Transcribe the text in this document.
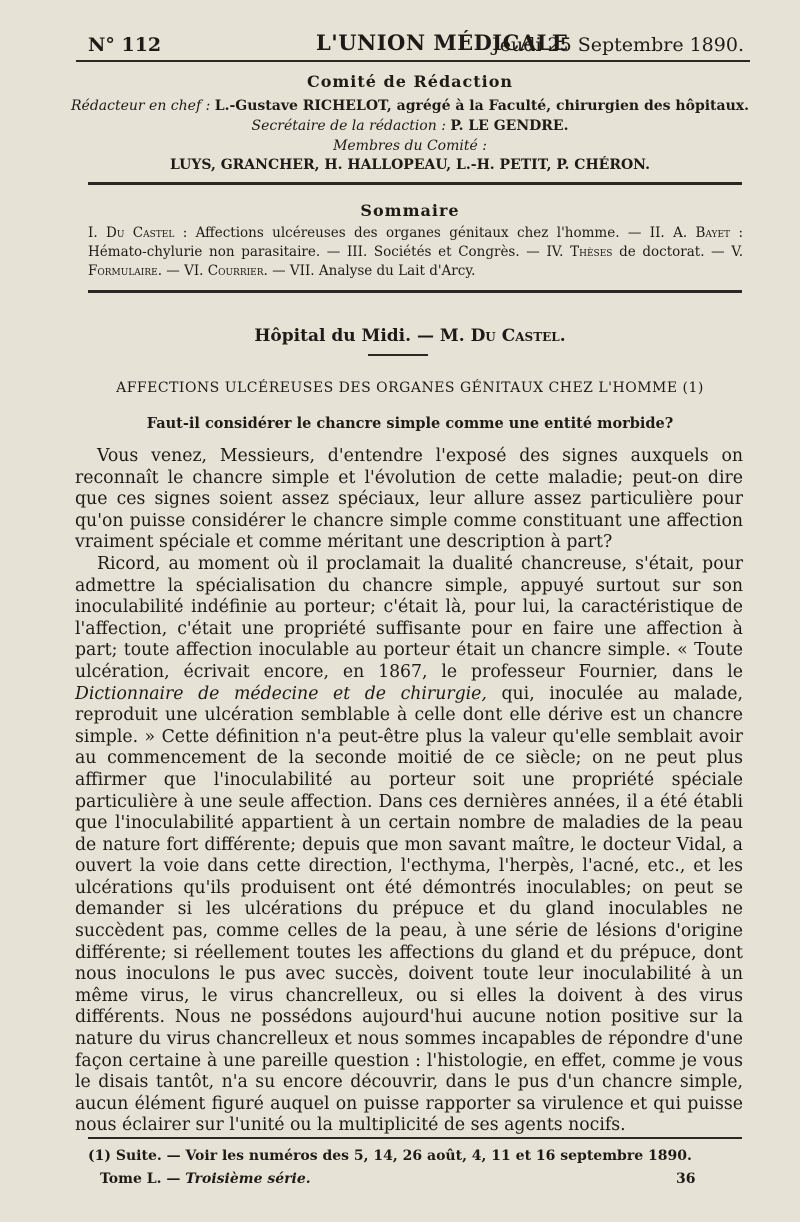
N° 112	L'UNION MÉDICALE
Jeudi 25 Septembre 1890.
Comité de Rédaction
Rédacteur en chef : L.-Gustave RICHELOT, agrégé à la Faculté, chirurgien des hôpitaux.
Secrétaire de la rédaction : P. LE GENDRE.
Membres du Comité :
LUYS, GRANCHER, H. HALLOPEAU, L.-H. PETIT, P. CHÉRON.
Sommaire
I. Du Castel : Affections ulcéreuses des organes génitaux chez l'homme. — II. A. Bayet : Hémato-chylurie non parasitaire. — III. Sociétés et Congrès. — IV. Thèses de doctorat. — V. Formulaire. — VI. Courrier. — VII. Analyse du Lait d'Arcy.
Hôpital du Midi. — M. Du Castel.
AFFECTIONS ULCÉREUSES DES ORGANES GÉNITAUX CHEZ L'HOMME (1)
Faut-il considérer le chancre simple comme une entité morbide?

Vous venez, Messieurs, d'entendre l'exposé des signes auxquels on reconnaît le chancre simple et l'évolution de cette maladie; peut-on dire que ces signes soient assez spéciaux, leur allure assez particulière pour qu'on puisse considérer le chancre simple comme constituant une affection vraiment spéciale et comme méritant une description à part?

Ricord, au moment où il proclamait la dualité chancreuse, s'était, pour admettre la spécialisation du chancre simple, appuyé surtout sur son inoculabilité indéfinie au porteur; c'était là, pour lui, la caractéristique de l'affection, c'était une propriété suffisante pour en faire une affection à part; toute affection inoculable au porteur était un chancre simple. « Toute ulcération, écrivait encore, en 1867, le professeur Fournier, dans le Dictionnaire de médecine et de chirurgie, qui, inoculée au malade, reproduit une ulcération semblable à celle dont elle dérive est un chancre simple. » Cette définition n'a peut-être plus la valeur qu'elle semblait avoir au commencement de la seconde moitié de ce siècle; on ne peut plus affirmer que l'inoculabilité au porteur soit une propriété spéciale particulière à une seule affection. Dans ces dernières années, il a été établi que l'inoculabilité appartient à un certain nombre de maladies de la peau de nature fort différente; depuis que mon savant maître, le docteur Vidal, a ouvert la voie dans cette direction, l'ecthyma, l'herpès, l'acné, etc., et les ulcérations qu'ils produisent ont été démontrés inoculables; on peut se demander si les ulcérations du prépuce et du gland inoculables ne succèdent pas, comme celles de la peau, à une série de lésions d'origine différente; si réellement toutes les affections du gland et du prépuce, dont nous inoculons le pus avec succès, doivent toute leur inoculabilité à un même virus, le virus chancrelleux, ou si elles la doivent à des virus différents. Nous ne possédons aujourd'hui aucune notion positive sur la nature du virus chancrelleux et nous sommes incapables de répondre d'une façon certaine à une pareille question : l'histologie, en effet, comme je vous le disais tantôt, n'a su encore découvrir, dans le pus d'un chancre simple, aucun élément figuré auquel on puisse rapporter sa virulence et qui puisse nous éclairer sur l'unité ou la multiplicité de ses agents nocifs.

(1) Suite. — Voir les numéros des 5, 14, 26 août, 4, 11 et 16 septembre 1890.
Tome L. — Troisième série.	36
